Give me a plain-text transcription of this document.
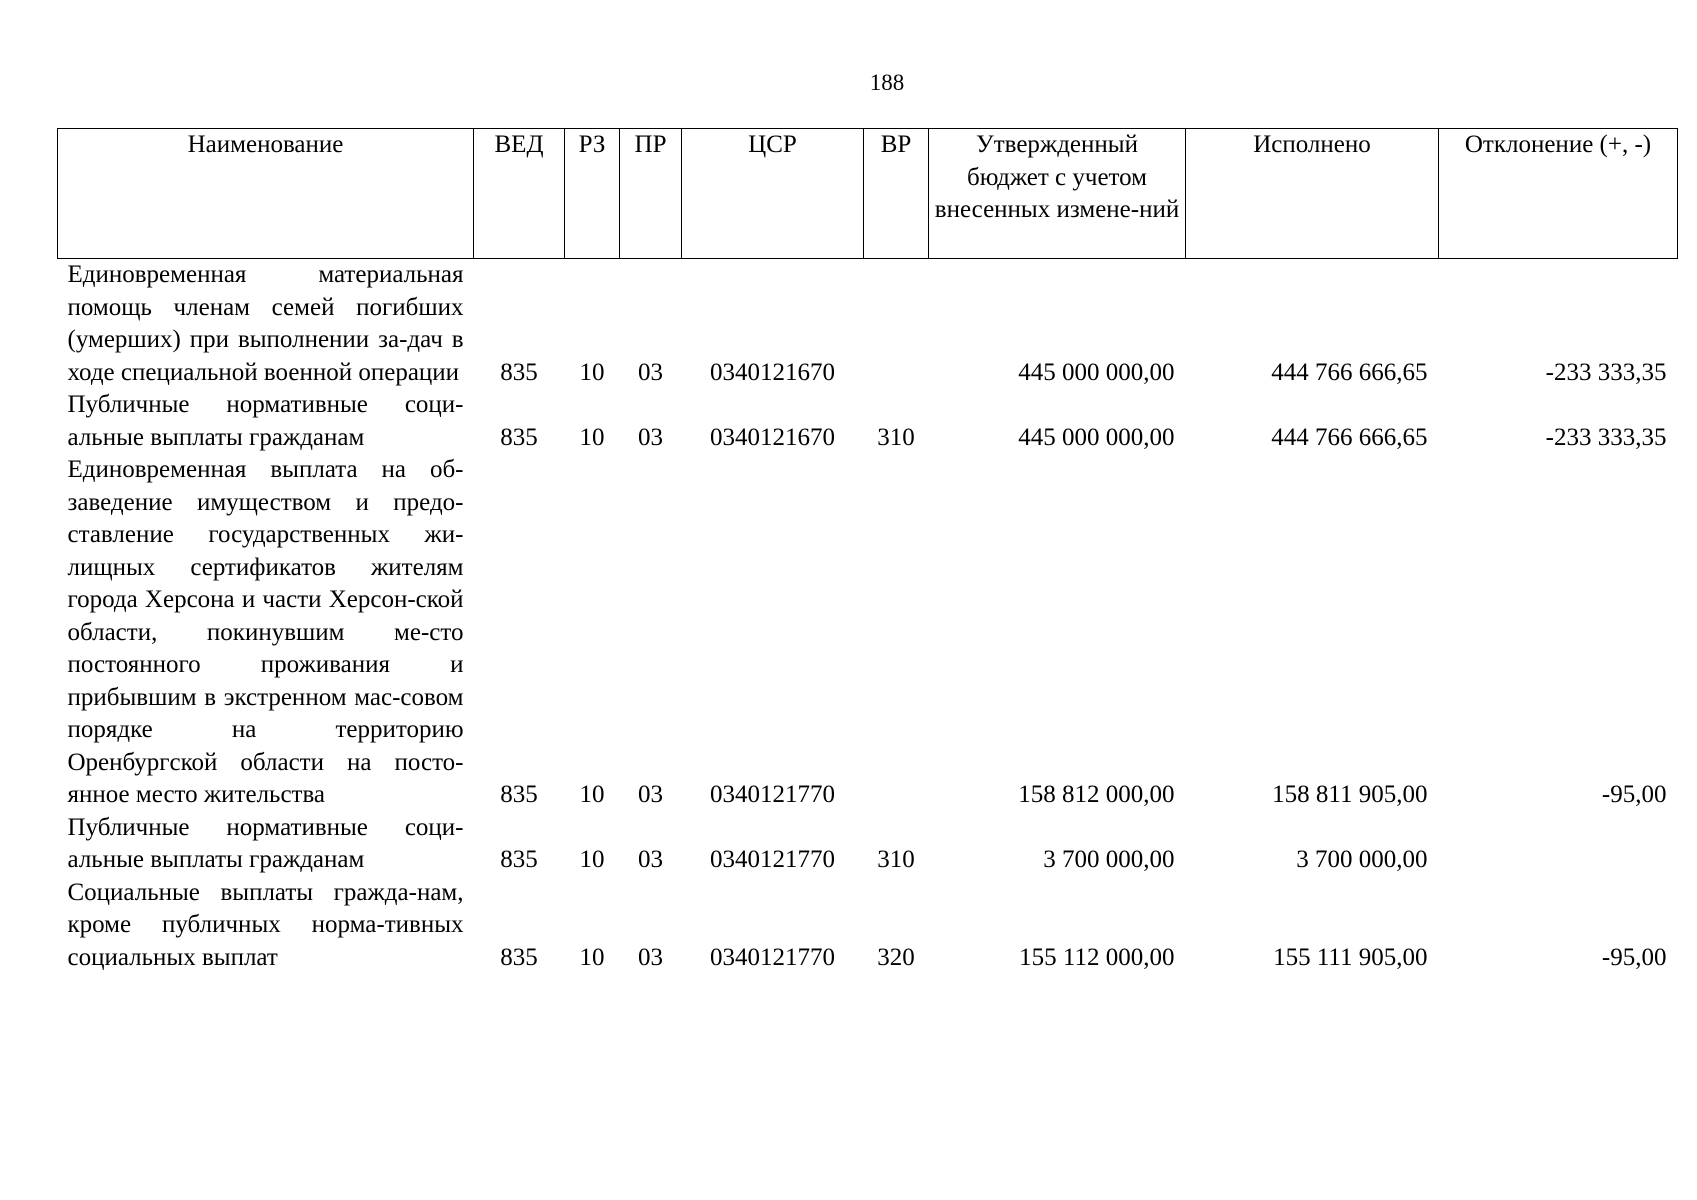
188
Наименование	ВЕД	РЗ	ПР	ЦСР	ВР	Утвержденный бюджет с учетом внесенных измене-ний	Исполнено	Отклонение (+, -)
Единовременная материальная помощь членам семей погибших (умерших) при выполнении за-дач в ходе специальной военной операции	835	10	03	0340121670		445 000 000,00	444 766 666,65	-233 333,35
Публичные нормативные соци-альные выплаты гражданам	835	10	03	0340121670	310	445 000 000,00	444 766 666,65	-233 333,35
Единовременная выплата на об-заведение имуществом и предо-ставление государственных жи-лищных сертификатов жителям города Херсона и части Херсон-ской области, покинувшим ме-сто постоянного проживания и прибывшим в экстренном мас-совом порядке на территорию Оренбургской области на посто-янное место жительства	835	10	03	0340121770		158 812 000,00	158 811 905,00	-95,00
Публичные нормативные соци-альные выплаты гражданам	835	10	03	0340121770	310	3 700 000,00	3 700 000,00	
Социальные выплаты гражда-нам, кроме публичных норма-тивных социальных выплат	835	10	03	0340121770	320	155 112 000,00	155 111 905,00	-95,00
